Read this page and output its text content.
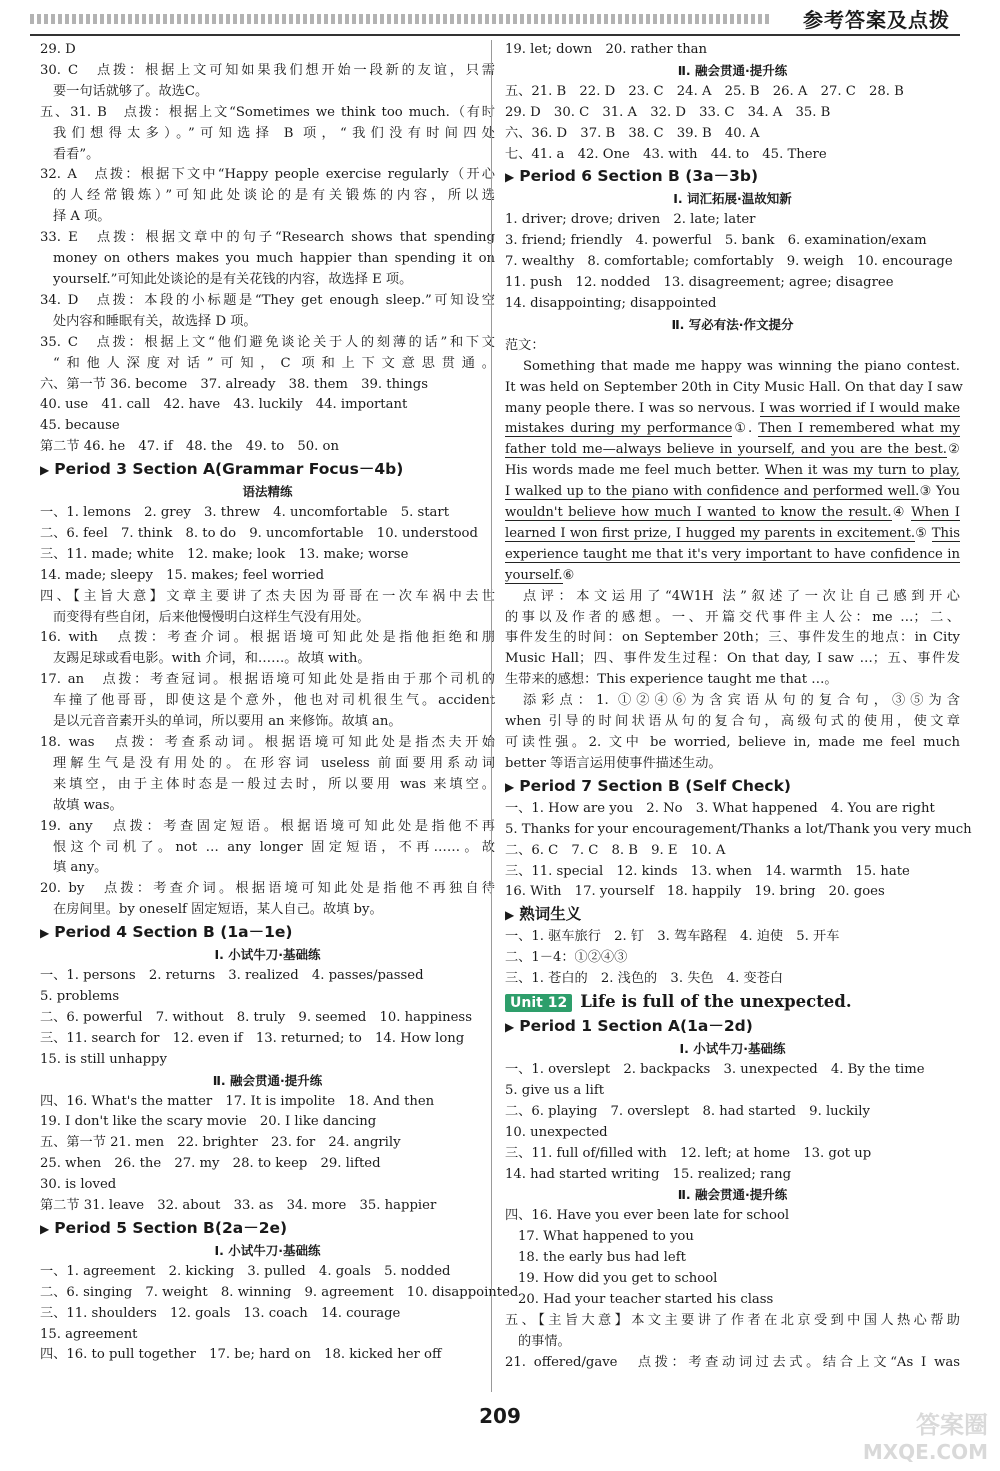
参考答案及点拨
29. D
30. C　点拨：根据上文可知如果我们想开始一段新的友谊，只需
要一句话就够了。故选C。
五、31. B　点拨：根据上文“Sometimes we think too much.（有时
我们想得太多）。”可知选择 B 项，“我们没有时间四处
看看”。
32. A　点拨：根据下文中“Happy people exercise regularly（开心
的人经常锻炼）”可知此处谈论的是有关锻炼的内容，所以选
择 A 项。
33. E　点拨：根据文章中的句子“Research shows that spending
money on others makes you much happier than spending it on
yourself.”可知此处谈论的是有关花钱的内容，故选择 E 项。
34. D　点拨：本段的小标题是“They get enough sleep.”可知设空
处内容和睡眠有关，故选择 D 项。
35. C　点拨：根据上文“他们避免谈论关于人的刻薄的话”和下文
“和他人深度对话”可知，C 项和上下文意思贯通。
六、第一节 36. become　37. already　38. them　39. things
40. use　41. call　42. have　43. luckily　44. important
45. because
第二节 46. he　47. if　48. the　49. to　50. on
▶ Period 3 Section A(Grammar Focus－4b)
语法精练
一、1. lemons　2. grey　3. threw　4. uncomfortable　5. start
二、6. feel　7. think　8. to do　9. uncomfortable　10. understood
三、11. made; white　12. make; look　13. make; worse
14. made; sleepy　15. makes; feel worried
四、【主旨大意】文章主要讲了杰夫因为哥哥在一次车祸中去世
而变得有些自闭，后来他慢慢明白这样生气没有用处。
16. with　点拨：考查介词。根据语境可知此处是指他拒绝和朋
友踢足球或看电影。with 介词，和……。故填 with。
17. an　点拨：考查冠词。根据语境可知此处是指由于那个司机的
车撞了他哥哥，即使这是个意外，他也对司机很生气。accident
是以元音音素开头的单词，所以要用 an 来修饰。故填 an。
18. was　点拨：考查系动词。根据语境可知此处是指杰夫开始
理解生气是没有用处的。在形容词 useless 前面要用系动词
来填空，由于主体时态是一般过去时，所以要用 was 来填空。
故填 was。
19. any　点拨：考查固定短语。根据语境可知此处是指他不再
恨这个司机了。not … any longer 固定短语，不再……。故
填 any。
20. by　点拨：考查介词。根据语境可知此处是指他不再独自待
在房间里。by oneself 固定短语，某人自己。故填 by。
▶ Period 4 Section B (1a－1e)
Ⅰ. 小试牛刀·基础练
一、1. persons　2. returns　3. realized　4. passes/passed
5. problems
二、6. powerful　7. without　8. truly　9. seemed　10. happiness
三、11. search for　12. even if　13. returned; to　14. How long
15. is still unhappy
Ⅱ. 融会贯通·提升练
四、16. What's the matter　17. It is impolite　18. And then
19. I don't like the scary movie　20. I like dancing
五、第一节 21. men　22. brighter　23. for　24. angrily
25. when　26. the　27. my　28. to keep　29. lifted
30. is loved
第二节 31. leave　32. about　33. as　34. more　35. happier
▶ Period 5 Section B(2a－2e)
Ⅰ. 小试牛刀·基础练
一、1. agreement　2. kicking　3. pulled　4. goals　5. nodded
二、6. singing　7. weight　8. winning　9. agreement　10. disappointed
三、11. shoulders　12. goals　13. coach　14. courage
15. agreement
四、16. to pull together　17. be; hard on　18. kicked her off
19. let; down　20. rather than
Ⅱ. 融会贯通·提升练
五、21. B　22. D　23. C　24. A　25. B　26. A　27. C　28. B
29. D　30. C　31. A　32. D　33. C　34. A　35. B
六、36. D　37. B　38. C　39. B　40. A
七、41. a　42. One　43. with　44. to　45. There
▶ Period 6 Section B (3a－3b)
Ⅰ. 词汇拓展·温故知新
1. driver; drove; driven　2. late; later
3. friend; friendly　4. powerful　5. bank　6. examination/exam
7. wealthy　8. comfortable; comfortably　9. weigh　10. encourage
11. push　12. nodded　13. disagreement; agree; disagree
14. disappointing; disappointed
Ⅱ. 写必有法·作文提分
范文：
Something that made me happy was winning the piano contest.
It was held on September 20th in City Music Hall. On that day I saw
many people there. I was so nervous. I was worried if I would make
mistakes during my performance①. Then I remembered what my
father told me—always believe in yourself, and you are the best.②
His words made me feel much better. When it was my turn to play,
I walked up to the piano with confidence and performed well.③ You
wouldn't believe how much I wanted to know the result.④ When I
learned I won first prize, I hugged my parents in excitement.⑤ This
experience taught me that it's very important to have confidence in
yourself.⑥
点评：本文运用了“4W1H 法”叙述了一次让自己感到开心
的事以及作者的感想。一、开篇交代事件主人公：me …；二、
事件发生的时间：on September 20th；三、事件发生的地点：in City
Music Hall；四、事件发生过程：On that day, I saw …；五、事件发
生带来的感想：This experience taught me that …。
添彩点：1. ①②④⑥为含宾语从句的复合句，③⑤为含
when 引导的时间状语从句的复合句，高级句式的使用，使文章
可读性强。2. 文中 be worried, believe in, made me feel much
better 等语言运用使事件描述生动。
▶ Period 7 Section B (Self Check)
一、1. How are you　2. No　3. What happened　4. You are right
5. Thanks for your encouragement/Thanks a lot/Thank you very much
二、6. C　7. C　8. B　9. E　10. A
三、11. special　12. kinds　13. when　14. warmth　15. hate
16. With　17. yourself　18. happily　19. bring　20. goes
▶ 熟词生义
一、1. 驱车旅行　2. 钉　3. 驾车路程　4. 迫使　5. 开车
二、1－4：①②④③
三、1. 苍白的　2. 浅色的　3. 失色　4. 变苍白
Unit 12 Life is full of the unexpected.
▶ Period 1 Section A(1a－2d)
Ⅰ. 小试牛刀·基础练
一、1. overslept　2. backpacks　3. unexpected　4. By the time
5. give us a lift
二、6. playing　7. overslept　8. had started　9. luckily
10. unexpected
三、11. full of/filled with　12. left; at home　13. got up
14. had started writing　15. realized; rang
Ⅱ. 融会贯通·提升练
四、16. Have you ever been late for school
17. What happened to you
18. the early bus had left
19. How did you get to school
20. Had your teacher started his class
五、【主旨大意】本文主要讲了作者在北京受到中国人热心帮助
的事情。
21. offered/gave　点拨：考查动词过去式。结合上文“As I was
209	答案圈
MXQE.COM
